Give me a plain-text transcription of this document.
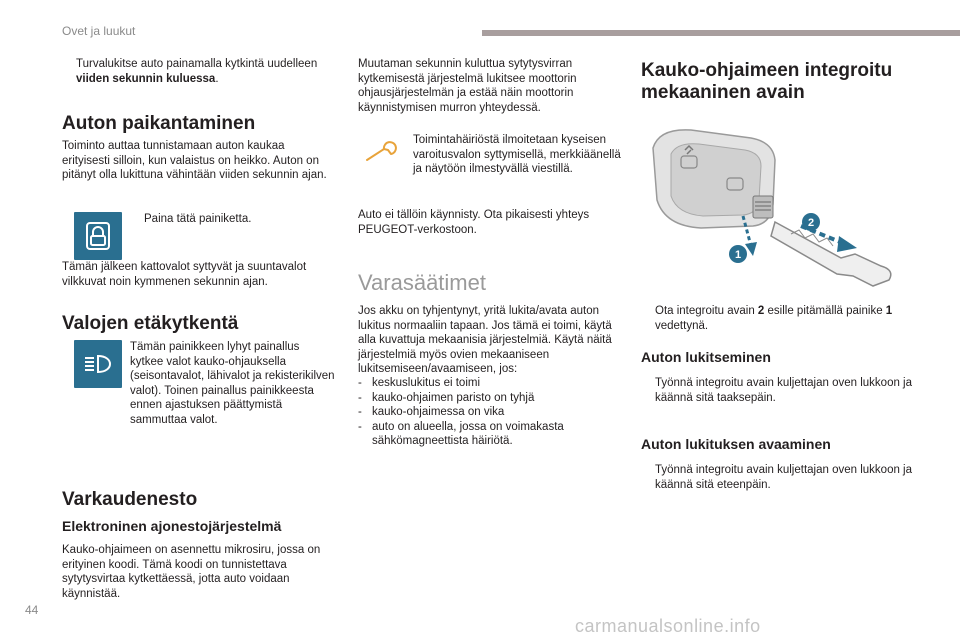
Ovet ja luukut
Turvalukitse auto painamalla kytkintä uudelleen viiden sekunnin kuluessa.
Auton paikantaminen
Toiminto auttaa tunnistamaan auton kaukaa erityisesti silloin, kun valaistus on heikko. Auton on pitänyt olla lukittuna vähintään viiden sekunnin ajan.
Paina tätä painiketta.
Tämän jälkeen kattovalot syttyvät ja suuntavalot vilkkuvat noin kymmenen sekunnin ajan.
Valojen etäkytkentä
Tämän painikkeen lyhyt painallus kytkee valot kauko-ohjauksella (seisontavalot, lähivalot ja rekisterikilven valot). Toinen painallus painikkeesta ennen ajastuksen päättymistä sammuttaa valot.
Varkaudenesto
Elektroninen ajonestojärjestelmä
Kauko-ohjaimeen on asennettu mikrosiru, jossa on erityinen koodi. Tämä koodi on tunnistettava sytytysvirtaa kytkettäessä, jotta auto voidaan käynnistää.
Muutaman sekunnin kuluttua sytytysvirran kytkemisestä järjestelmä lukitsee moottorin ohjausjärjestelmän ja estää näin moottorin käynnistymisen murron yhteydessä.
Toimintahäiriöstä ilmoitetaan kyseisen varoitusvalon syttymisellä, merkkiäänellä ja näytöön ilmestyvällä viestillä.
Auto ei tällöin käynnisty. Ota pikaisesti yhteys PEUGEOT-verkostoon.
Varasäätimet
Jos akku on tyhjentynyt, yritä lukita/avata auton lukitus normaaliin tapaan. Jos tämä ei toimi, käytä alla kuvattuja mekaanisia järjestelmiä. Käytä näitä järjestelmiä myös ovien mekaaniseen lukitsemiseen/avaamiseen, jos:
- keskuslukitus ei toimi
- kauko-ohjaimen paristo on tyhjä
- kauko-ohjaimessa on vika
- auto on alueella, jossa on voimakasta sähkömagneettista häiriötä.
Kauko-ohjaimeen integroitu mekaaninen avain
1
2
Ota integroitu avain 2 esille pitämällä painike 1 vedettynä.
Auton lukitseminen
Työnnä integroitu avain kuljettajan oven lukkoon ja käännä sitä taaksepäin.
Auton lukituksen avaaminen
Työnnä integroitu avain kuljettajan oven lukkoon ja käännä sitä eteenpäin.
44
carmanualsonline.info
